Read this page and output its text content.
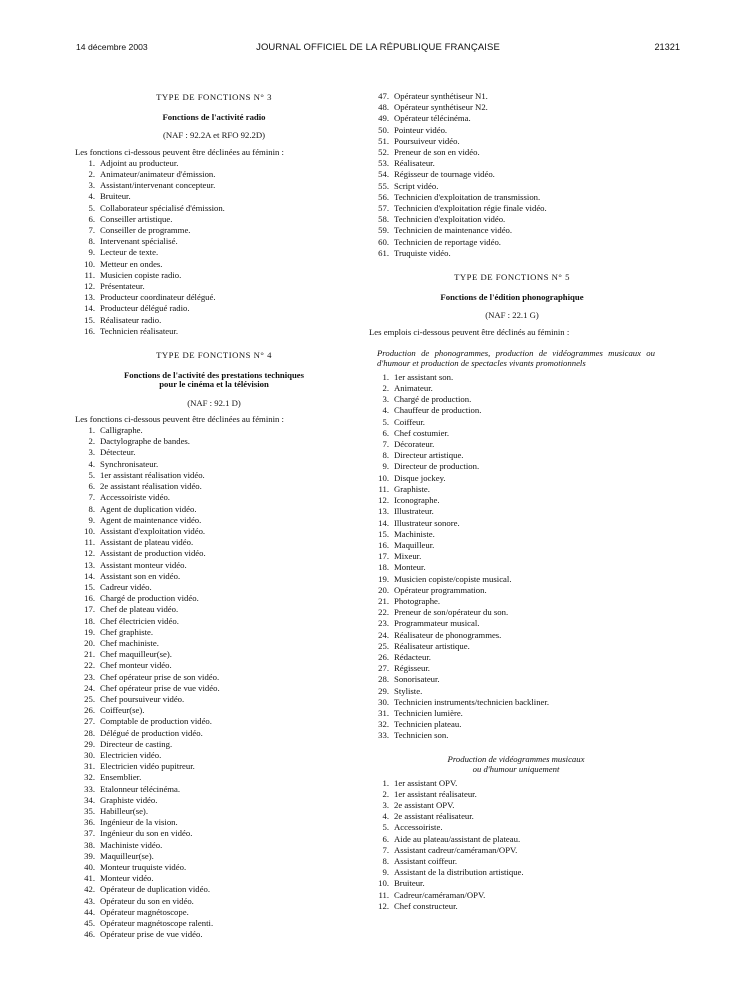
14 décembre 2003	JOURNAL OFFICIEL DE LA RÉPUBLIQUE FRANÇAISE	21321
TYPE DE FONCTIONS N° 3
Fonctions de l'activité radio
(NAF : 92.2A et RFO 92.2D)
Les fonctions ci-dessous peuvent être déclinées au féminin :
1. Adjoint au producteur.
2. Animateur/animateur d'émission.
3. Assistant/intervenant concepteur.
4. Bruiteur.
5. Collaborateur spécialisé d'émission.
6. Conseiller artistique.
7. Conseiller de programme.
8. Intervenant spécialisé.
9. Lecteur de texte.
10. Metteur en ondes.
11. Musicien copiste radio.
12. Présentateur.
13. Producteur coordinateur délégué.
14. Producteur délégué radio.
15. Réalisateur radio.
16. Technicien réalisateur.
TYPE DE FONCTIONS N° 4
Fonctions de l'activité des prestations techniques
pour le cinéma et la télévision
(NAF : 92.1 D)
Les fonctions ci-dessous peuvent être déclinées au féminin :
1. Calligraphe.
2. Dactylographe de bandes.
3. Détecteur.
4. Synchronisateur.
5. 1er assistant réalisation vidéo.
6. 2e assistant réalisation vidéo.
7. Accessoiriste vidéo.
8. Agent de duplication vidéo.
9. Agent de maintenance vidéo.
10. Assistant d'exploitation vidéo.
11. Assistant de plateau vidéo.
12. Assistant de production vidéo.
13. Assistant monteur vidéo.
14. Assistant son en vidéo.
15. Cadreur vidéo.
16. Chargé de production vidéo.
17. Chef de plateau vidéo.
18. Chef électricien vidéo.
19. Chef graphiste.
20. Chef machiniste.
21. Chef maquilleur(se).
22. Chef monteur vidéo.
23. Chef opérateur prise de son vidéo.
24. Chef opérateur prise de vue vidéo.
25. Chef poursuiveur vidéo.
26. Coiffeur(se).
27. Comptable de production vidéo.
28. Délégué de production vidéo.
29. Directeur de casting.
30. Electricien vidéo.
31. Electricien vidéo pupitreur.
32. Ensemblier.
33. Etalonneur télécinéma.
34. Graphiste vidéo.
35. Habilleur(se).
36. Ingénieur de la vision.
37. Ingénieur du son en vidéo.
38. Machiniste vidéo.
39. Maquilleur(se).
40. Monteur truquiste vidéo.
41. Monteur vidéo.
42. Opérateur de duplication vidéo.
43. Opérateur du son en vidéo.
44. Opérateur magnétoscope.
45. Opérateur magnétoscope ralenti.
46. Opérateur prise de vue vidéo.
47. Opérateur synthétiseur N1.
48. Opérateur synthétiseur N2.
49. Opérateur télécinéma.
50. Pointeur vidéo.
51. Poursuiveur vidéo.
52. Preneur de son en vidéo.
53. Réalisateur.
54. Régisseur de tournage vidéo.
55. Script vidéo.
56. Technicien d'exploitation de transmission.
57. Technicien d'exploitation régie finale vidéo.
58. Technicien d'exploitation vidéo.
59. Technicien de maintenance vidéo.
60. Technicien de reportage vidéo.
61. Truquiste vidéo.
TYPE DE FONCTIONS N° 5
Fonctions de l'édition phonographique
(NAF : 22.1 G)
Les emplois ci-dessous peuvent être déclinés au féminin :
Production de phonogrammes, production de vidéogrammes musicaux ou d'humour et production de spectacles vivants promotionnels
1. 1er assistant son.
2. Animateur.
3. Chargé de production.
4. Chauffeur de production.
5. Coiffeur.
6. Chef costumier.
7. Décorateur.
8. Directeur artistique.
9. Directeur de production.
10. Disque jockey.
11. Graphiste.
12. Iconographe.
13. Illustrateur.
14. Illustrateur sonore.
15. Machiniste.
16. Maquilleur.
17. Mixeur.
18. Monteur.
19. Musicien copiste/copiste musical.
20. Opérateur programmation.
21. Photographe.
22. Preneur de son/opérateur du son.
23. Programmateur musical.
24. Réalisateur de phonogrammes.
25. Réalisateur artistique.
26. Rédacteur.
27. Régisseur.
28. Sonorisateur.
29. Styliste.
30. Technicien instruments/technicien backliner.
31. Technicien lumière.
32. Technicien plateau.
33. Technicien son.
Production de vidéogrammes musicaux
ou d'humour uniquement
1. 1er assistant OPV.
2. 1er assistant réalisateur.
3. 2e assistant OPV.
4. 2e assistant réalisateur.
5. Accessoiriste.
6. Aide au plateau/assistant de plateau.
7. Assistant cadreur/caméraman/OPV.
8. Assistant coiffeur.
9. Assistant de la distribution artistique.
10. Bruiteur.
11. Cadreur/caméraman/OPV.
12. Chef constructeur.
